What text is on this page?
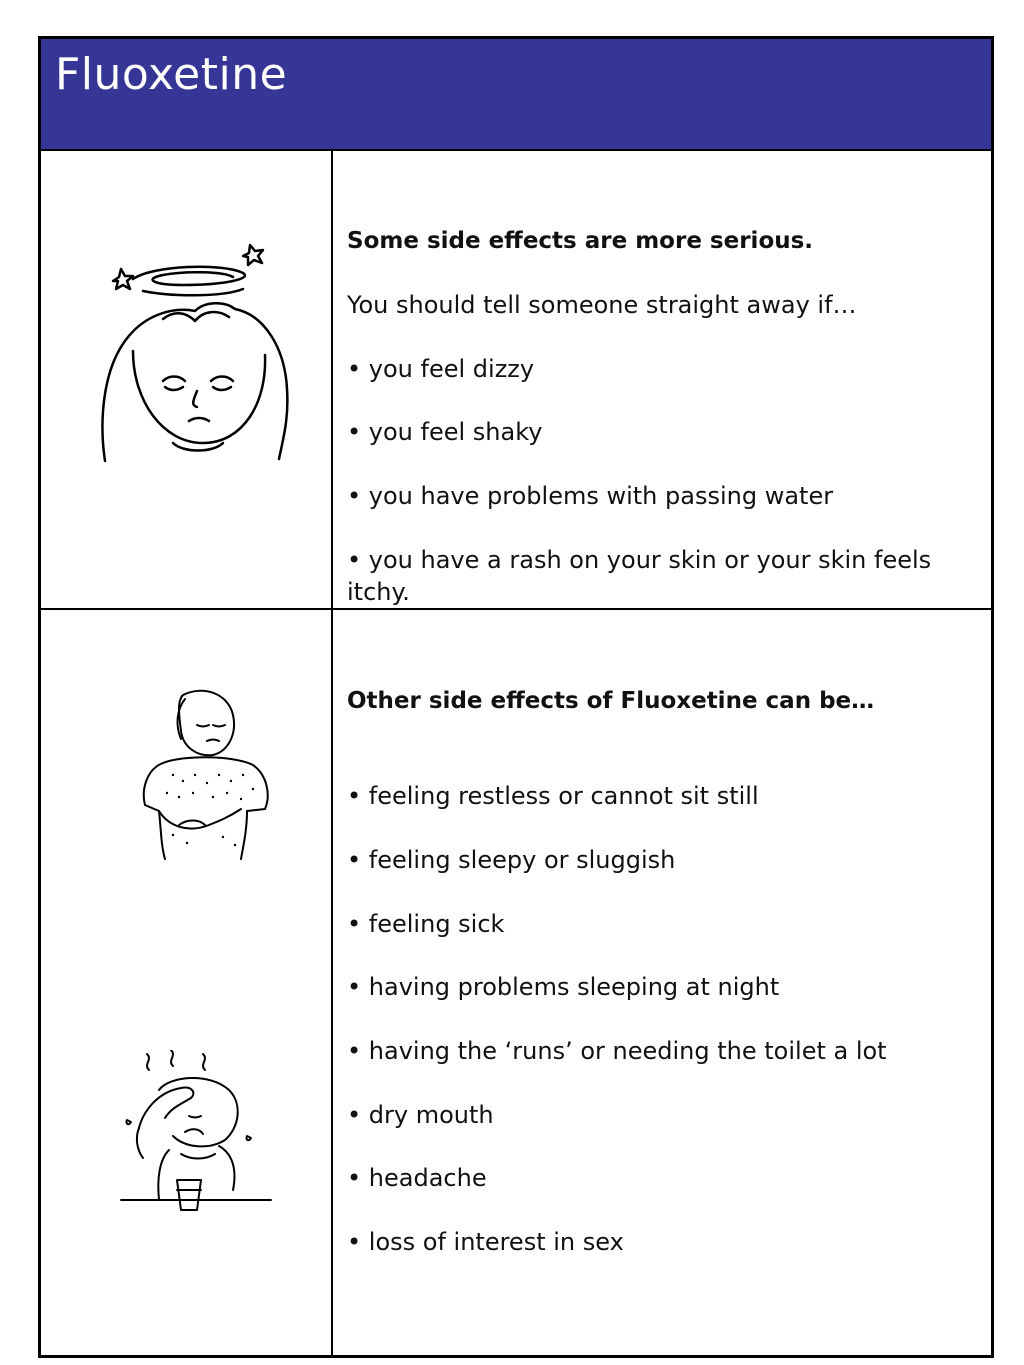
Fluoxetine

Some side effects are more serious.

You should tell someone straight away if…

• you feel dizzy

• you feel shaky

• you have problems with passing water

• you have a rash on your skin or your skin feels itchy.

Other side effects of Fluoxetine can be…

• feeling restless or cannot sit still

• feeling sleepy or sluggish

• feeling sick

• having problems sleeping at night

• having the ‘runs’ or needing the toilet a lot

• dry mouth

• headache

• loss of interest in sex
